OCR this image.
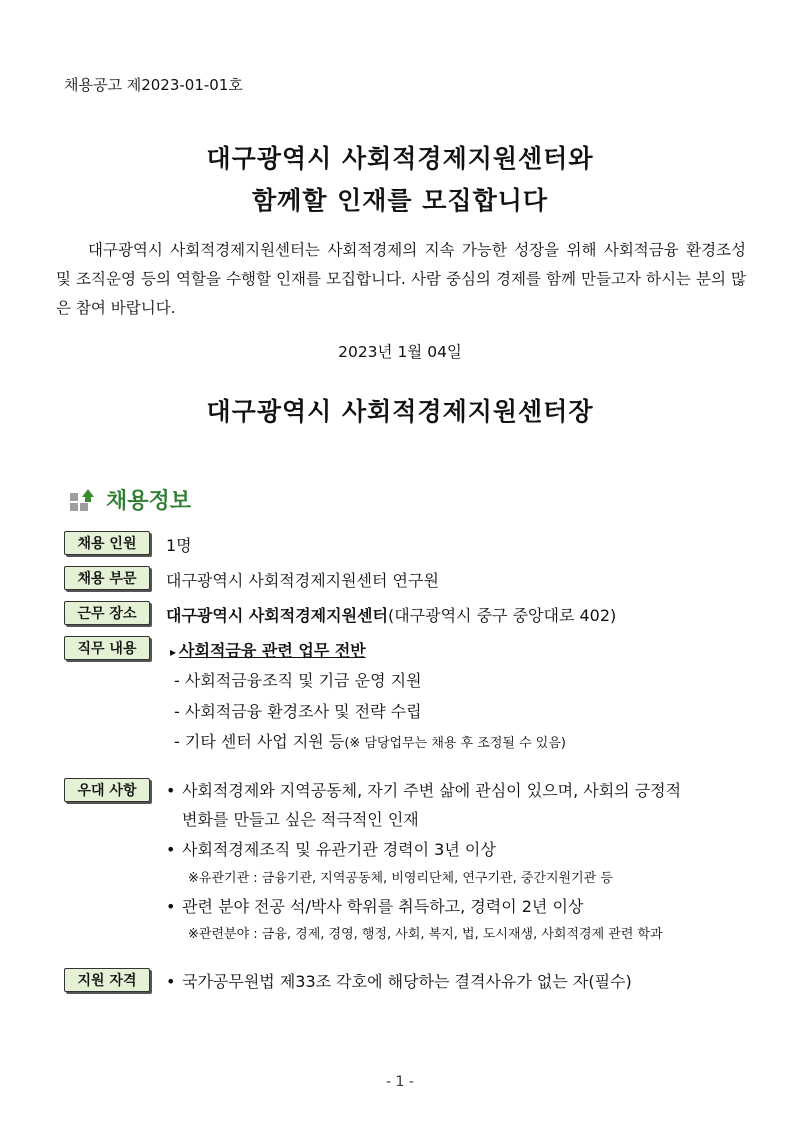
채용공고 제2023-01-01호
대구광역시 사회적경제지원센터와
함께할 인재를 모집합니다

대구광역시 사회적경제지원센터는 사회적경제의 지속 가능한 성장을 위해 사회적금융 환경조성 및 조직운영 등의 역할을 수행할 인재를 모집합니다. 사람 중심의 경제를 함께 만들고자 하시는 분의 많은 참여 바랍니다.

2023년 1월 04일
대구광역시 사회적경제지원센터장
채용정보
채용 인원	1명
채용 부문	대구광역시 사회적경제지원센터 연구원
근무 장소	대구광역시 사회적경제지원센터(대구광역시 중구 중앙대로 402)
직무 내용	▸ 사회적금융 관련 업무 전반
- 사회적금융조직 및 기금 운영 지원
- 사회적금융 환경조사 및 전략 수립
- 기타 센터 사업 지원 등(※ 담당업무는 채용 후 조정될 수 있음)
우대 사항	• 사회적경제와 지역공동체, 자기 주변 삶에 관심이 있으며, 사회의 긍정적
변화를 만들고 싶은 적극적인 인재
• 사회적경제조직 및 유관기관 경력이 3년 이상
※유관기관 : 금융기관, 지역공동체, 비영리단체, 연구기관, 중간지원기관 등
• 관련 분야 전공 석/박사 학위를 취득하고, 경력이 2년 이상
※관련분야 : 금융, 경제, 경영, 행정, 사회, 복지, 법, 도시재생, 사회적경제 관련 학과
지원 자격	• 국가공무원법 제33조 각호에 해당하는 결격사유가 없는 자(필수)
- 1 -
